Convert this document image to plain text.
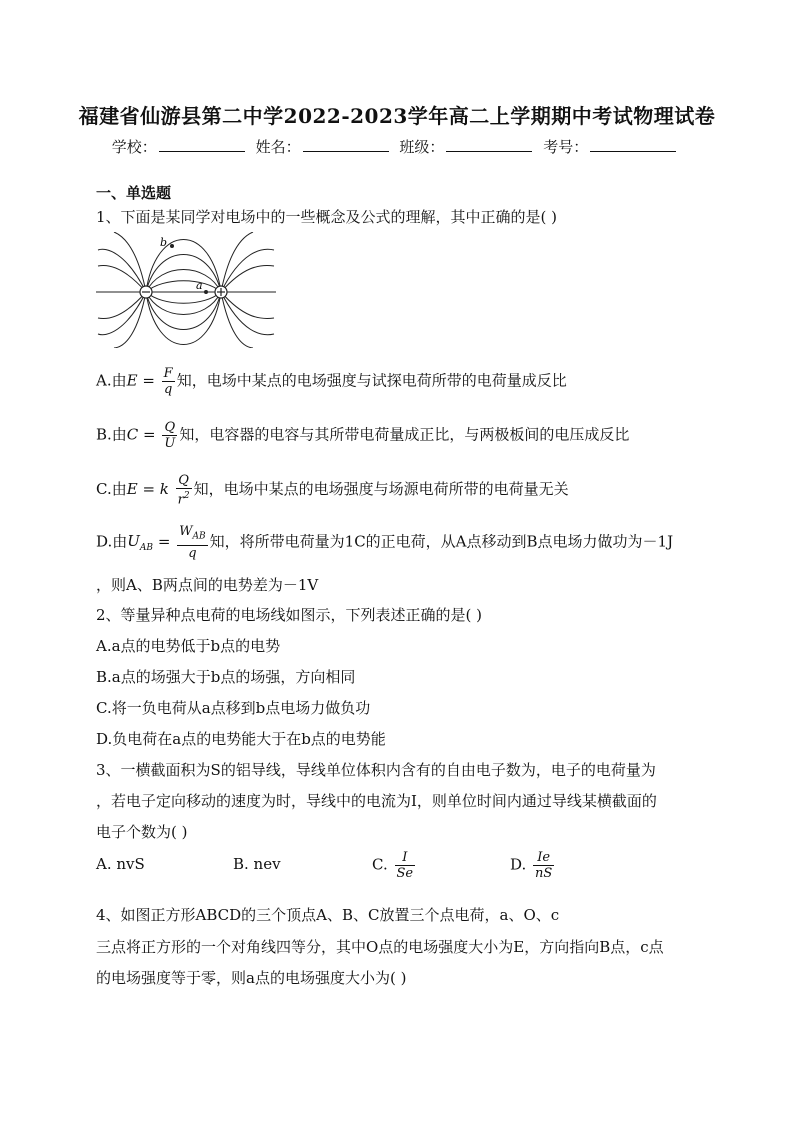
福建省仙游县第二中学2022-2023学年高二上学期期中考试物理试卷
学校：	姓名：	班级：	考号：
一、单选题
1、下面是某同学对电场中的一些概念及公式的理解，其中正确的是( )
b
a
A.由$E = \frac{F}{q}$ 知，电场中某点的电场强度与试探电荷所带的电荷量成反比
B.由$C = \frac{Q}{U}$ 知，电容器的电容与其所带电荷量成正比，与两极板间的电压成反比
C.由E = k $\frac{Q}{r^2}$ 知，电场中某点的电场强度与场源电荷所带的电荷量无关
D.由$U_{AB} = \frac{W_{AB}}{q}$ 知，将所带电荷量为1C的正电荷，从A点移动到B点电场力做功为－1J
，则A、B两点间的电势差为－1V
2、等量异种点电荷的电场线如图示，下列表述正确的是( )
A.a点的电势低于b点的电势
B.a点的场强大于b点的场强，方向相同
C.将一负电荷从a点移到b点电场力做负功
D.负电荷在a点的电势能大于在b点的电势能
3、一横截面积为S的铝导线，导线单位体积内含有的自由电子数为，电子的电荷量为
，若电子定向移动的速度为时，导线中的电流为I，则单位时间内通过导线某横截面的
电子个数为( )
A. nvS	B. nev	C. $\frac{I}{Se}$	D. $\frac{Ie}{nS}$
4、如图正方形ABCD的三个顶点A、B、C放置三个点电荷，a、O、c
三点将正方形的一个对角线四等分，其中O点的电场强度大小为E，方向指向B点，c点
的电场强度等于零，则a点的电场强度大小为( )
